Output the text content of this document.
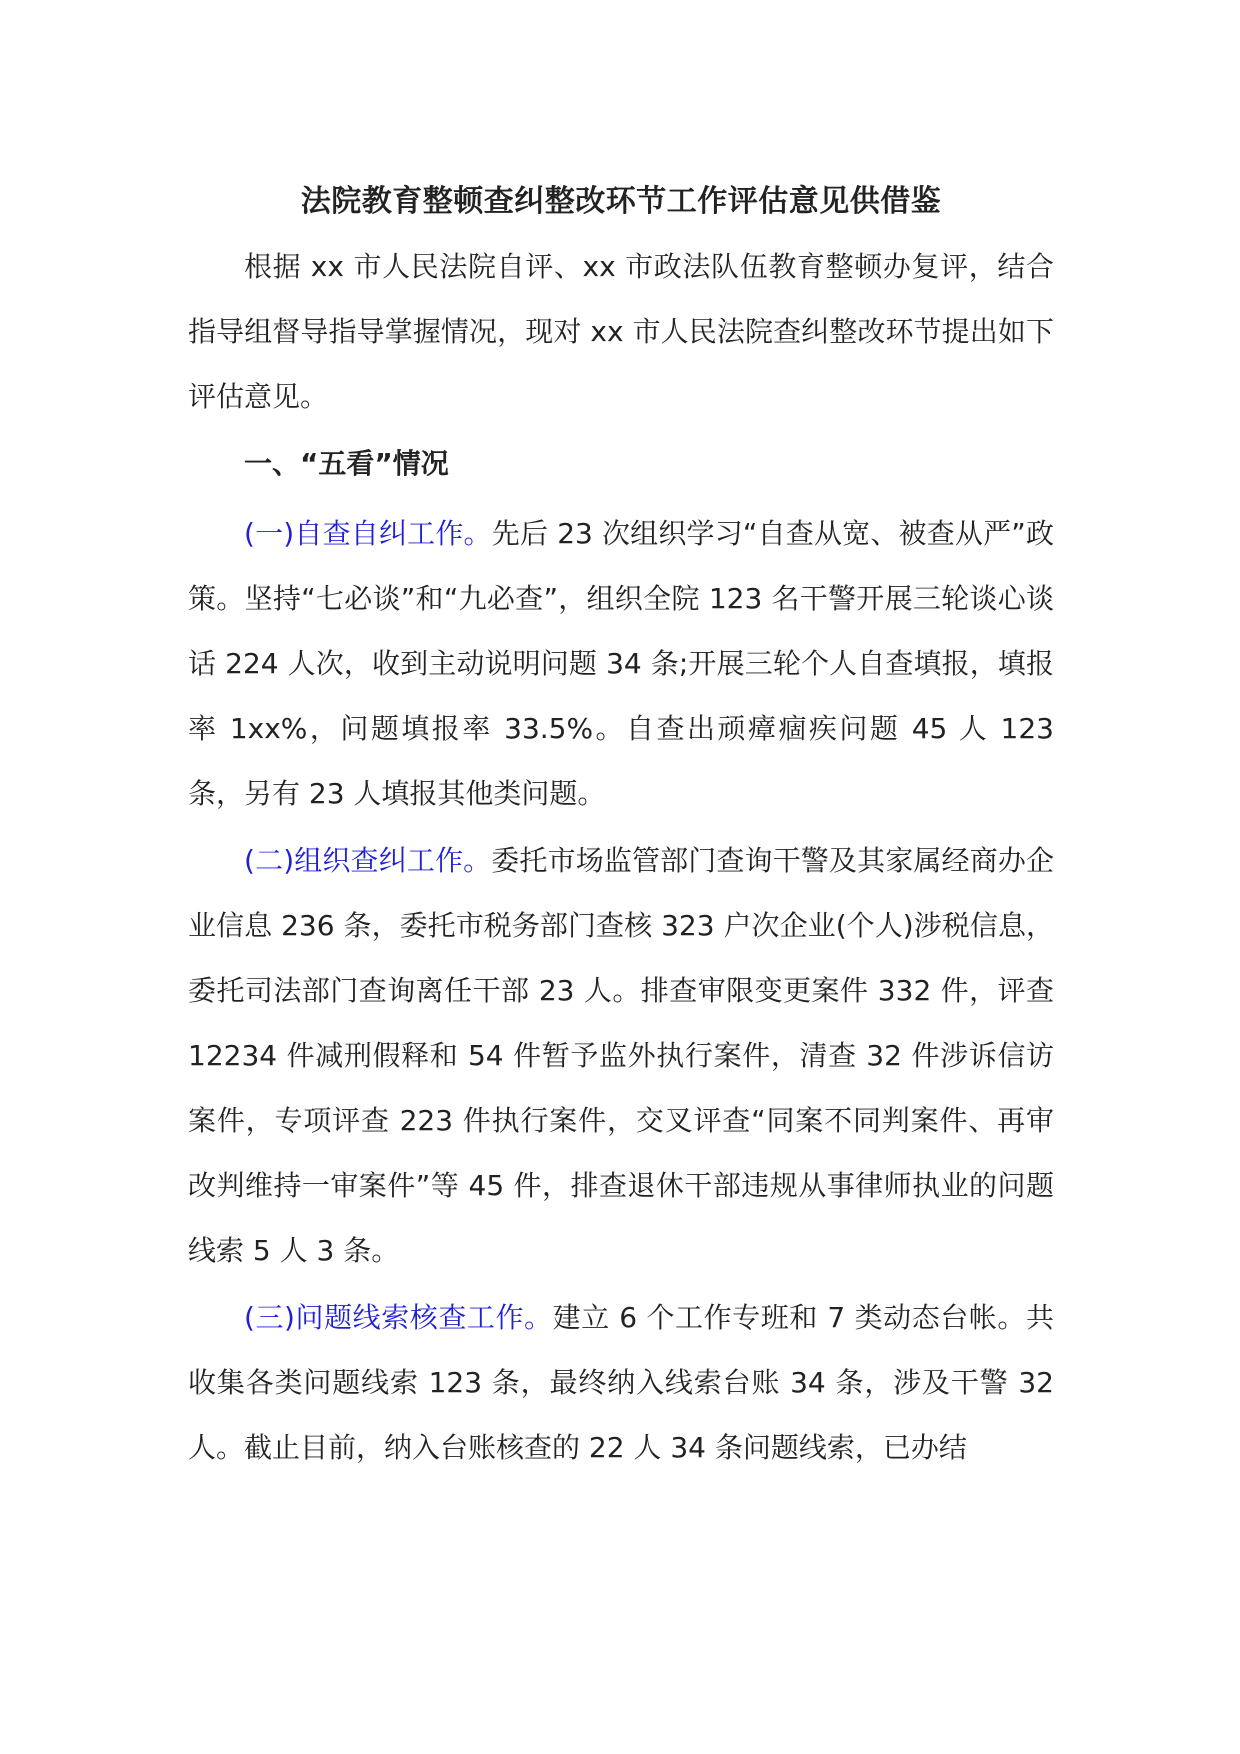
法院教育整顿查纠整改环节工作评估意见供借鉴

根据 xx 市人民法院自评、xx 市政法队伍教育整顿办复评，结合指导组督导指导掌握情况，现对 xx 市人民法院查纠整改环节提出如下评估意见。

一、“五看”情况

(一)自查自纠工作。先后 23 次组织学习“自查从宽、被查从严”政策。坚持“七必谈”和“九必查”，组织全院 123 名干警开展三轮谈心谈话 224 人次，收到主动说明问题 34 条;开展三轮个人自查填报，填报率 1xx%，问题填报率 33.5%。自查出顽瘴痼疾问题 45 人 123 条，另有 23 人填报其他类问题。

(二)组织查纠工作。委托市场监管部门查询干警及其家属经商办企业信息 236 条，委托市税务部门查核 323 户次企业(个人)涉税信息，委托司法部门查询离任干部 23 人。排查审限变更案件 332 件，评查 12234 件减刑假释和 54 件暂予监外执行案件，清查 32 件涉诉信访案件，专项评查 223 件执行案件，交叉评查“同案不同判案件、再审改判维持一审案件”等 45 件，排查退休干部违规从事律师执业的问题线索 5 人 3 条。

(三)问题线索核查工作。建立 6 个工作专班和 7 类动态台帐。共收集各类问题线索 123 条，最终纳入线索台账 34 条，涉及干警 32 人。截止目前，纳入台账核查的 22 人 34 条问题线索，已办结
